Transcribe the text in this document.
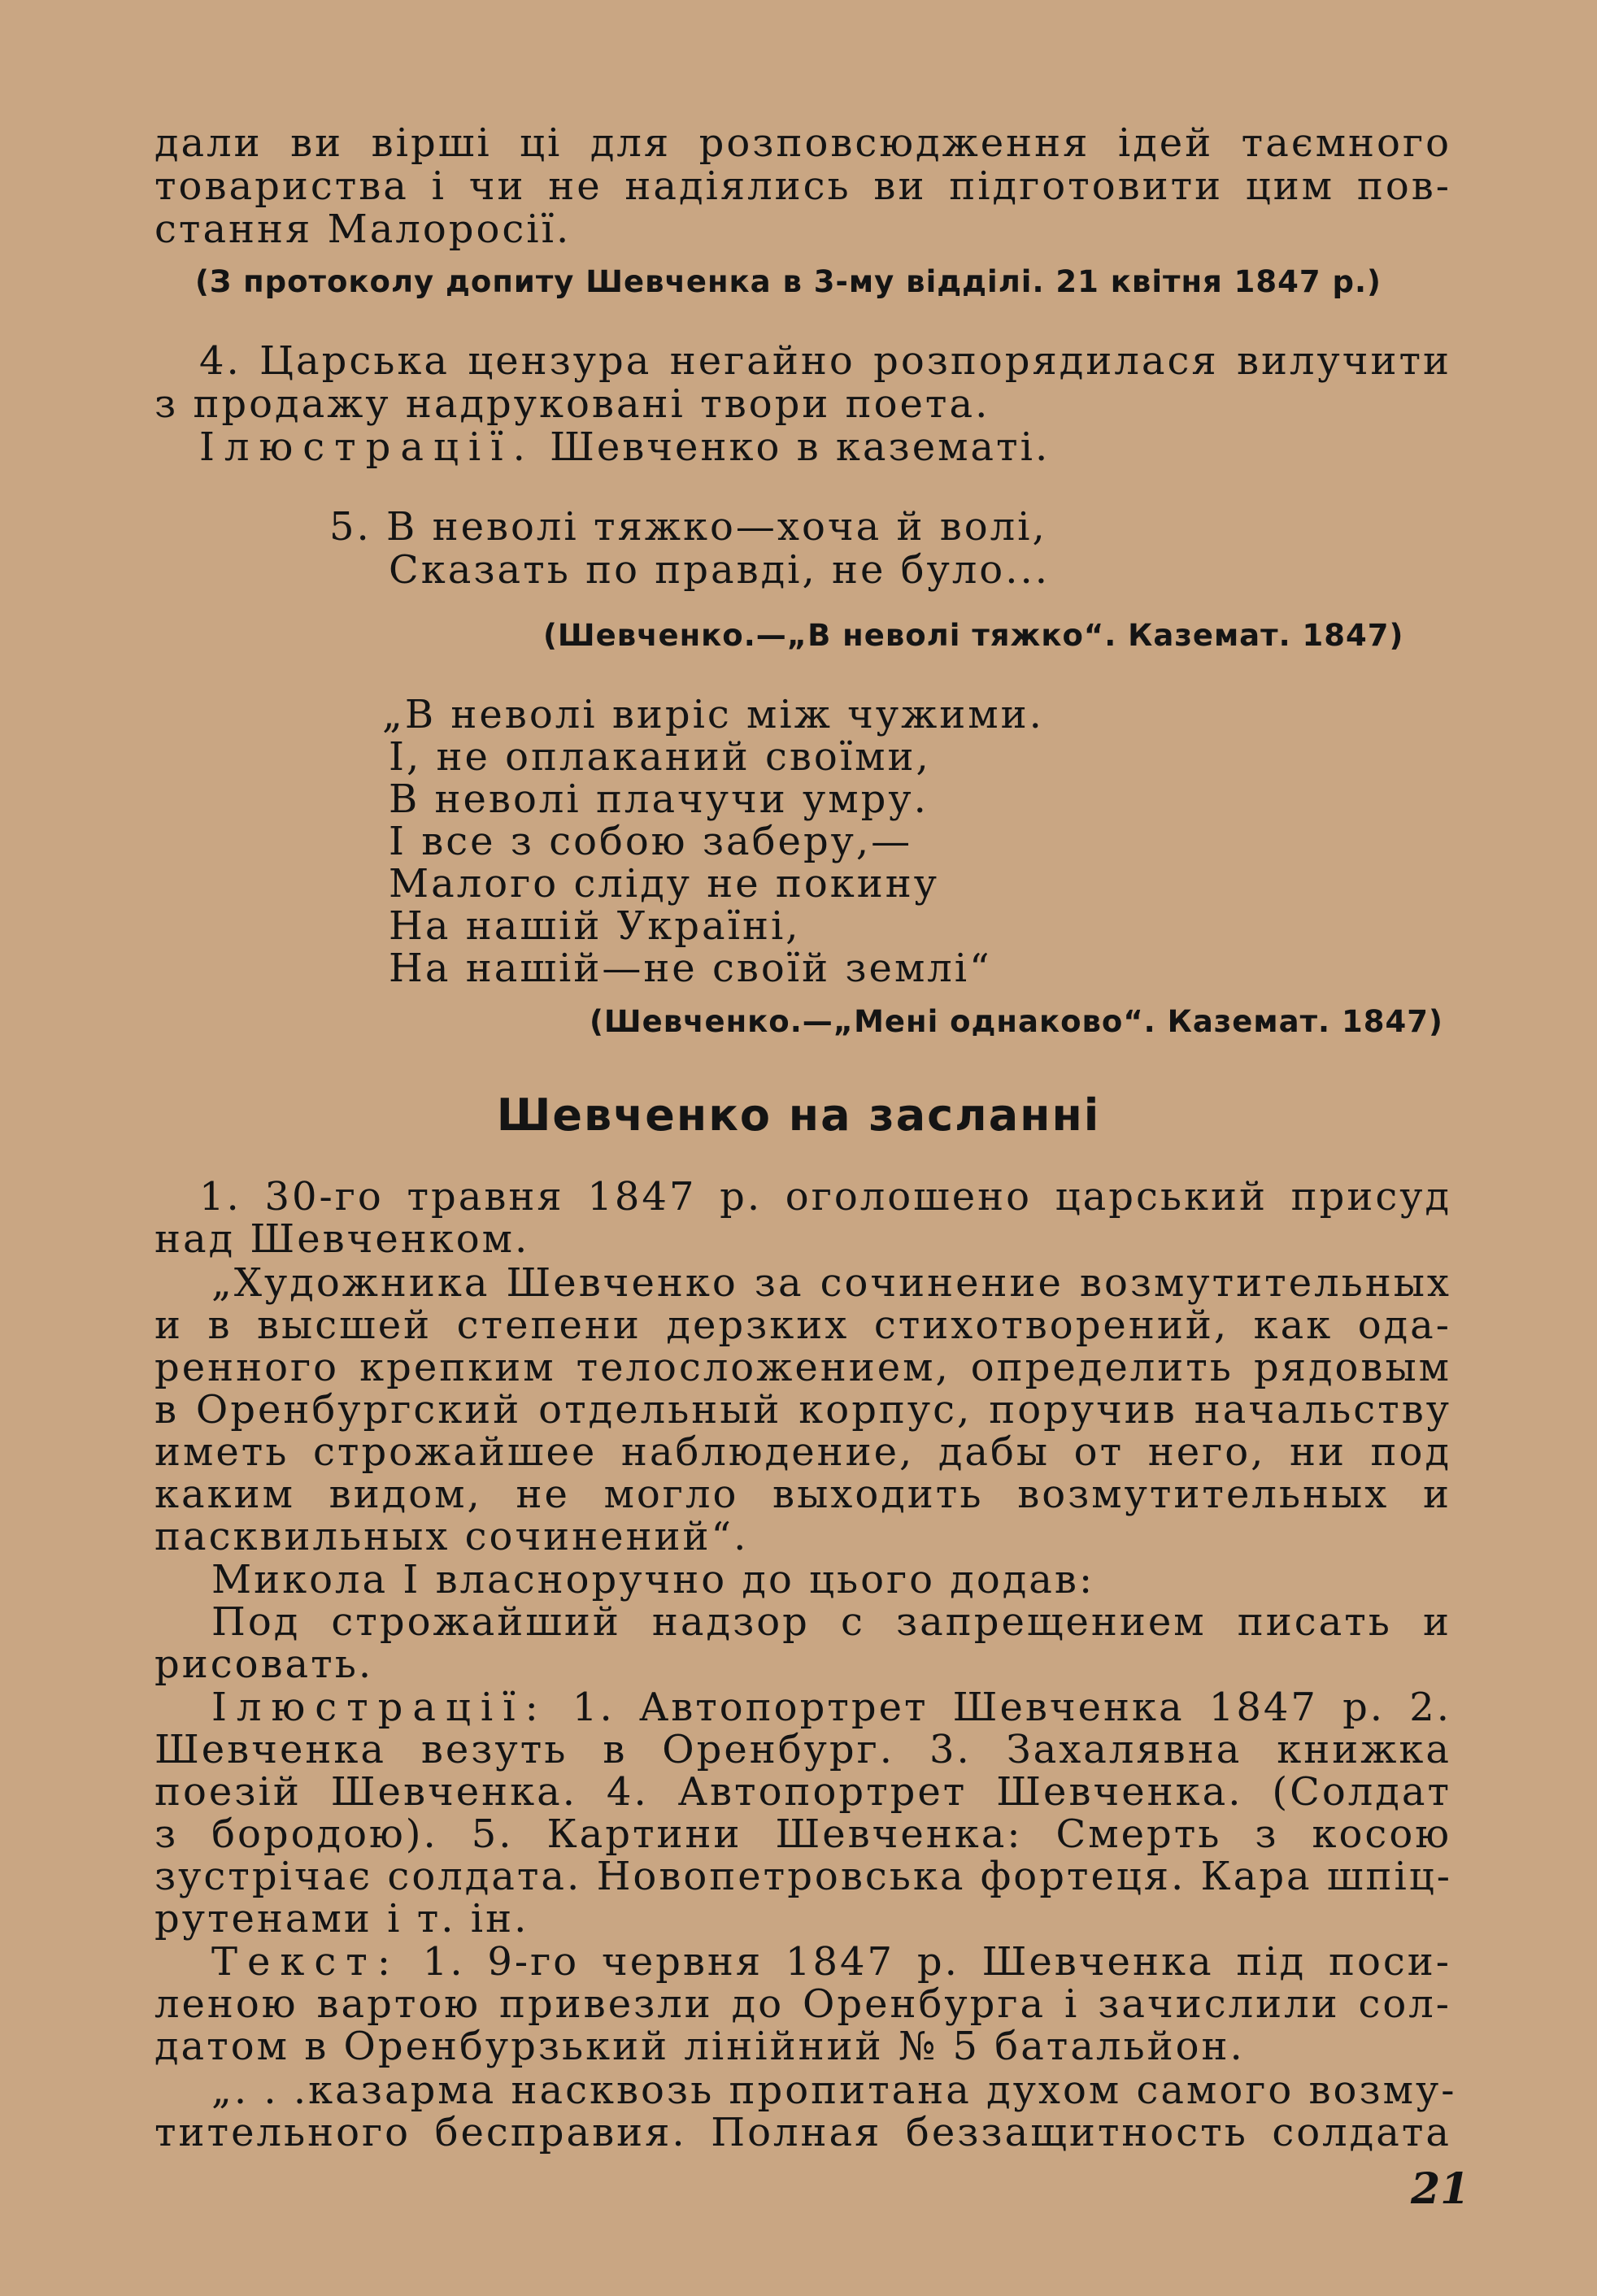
дали ви вірші ці для розповсюдження ідей таємного
товариства і чи не надіялись ви підготовити цим пов-
стання Малоросії.
(З протоколу допиту Шевченка в 3-му відділі. 21 квітня 1847 р.)
4. Царська цензура негайно розпорядилася вилучити
з продажу надруковані твори поета.
Ілюстрації. Шевченко в казематі.
5. В неволі тяжко—хоча й волі,
Сказать по правді, не було...
(Шевченко.—„В неволі тяжко“. Каземат. 1847)
„В неволі виріс між чужими.
І, не оплаканий своїми,
В неволі плачучи умру.
І все з собою заберу,—
Малого сліду не покину
На нашій Україні,
На нашій—не своїй землі“
(Шевченко.—„Мені однаково“. Каземат. 1847)
Шевченко на засланні
1. 30-го травня 1847 р. оголошено царський присуд
над Шевченком.
„Художника Шевченко за сочинение возмутительных
и в высшей степени дерзких стихотворений, как ода-
ренного крепким телосложением, определить рядовым
в Оренбургский отдельный корпус, поручив начальству
иметь строжайшее наблюдение, дабы от него, ни под
каким видом, не могло выходить возмутительных и
пасквильных сочинений“.
Микола I власноручно до цього додав:
Под строжайший надзор с запрещением писать и
рисовать.
Ілюстрації: 1. Автопортрет Шевченка 1847 р. 2.
Шевченка везуть в Оренбург. 3. Захалявна книжка
поезій Шевченка. 4. Автопортрет Шевченка. (Солдат
з бородою). 5. Картини Шевченка: Смерть з косою
зустрічає солдата. Новопетровська фортеця. Кара шпіц-
рутенами і т. ін.
Текст: 1. 9-го червня 1847 р. Шевченка під поси-
леною вартою привезли до Оренбурга і зачислили сол-
датом в Оренбурзький лінійний № 5 батальйон.
„. . .казарма насквозь пропитана духом самого возму-
тительного бесправия. Полная беззащитность солдата
21
